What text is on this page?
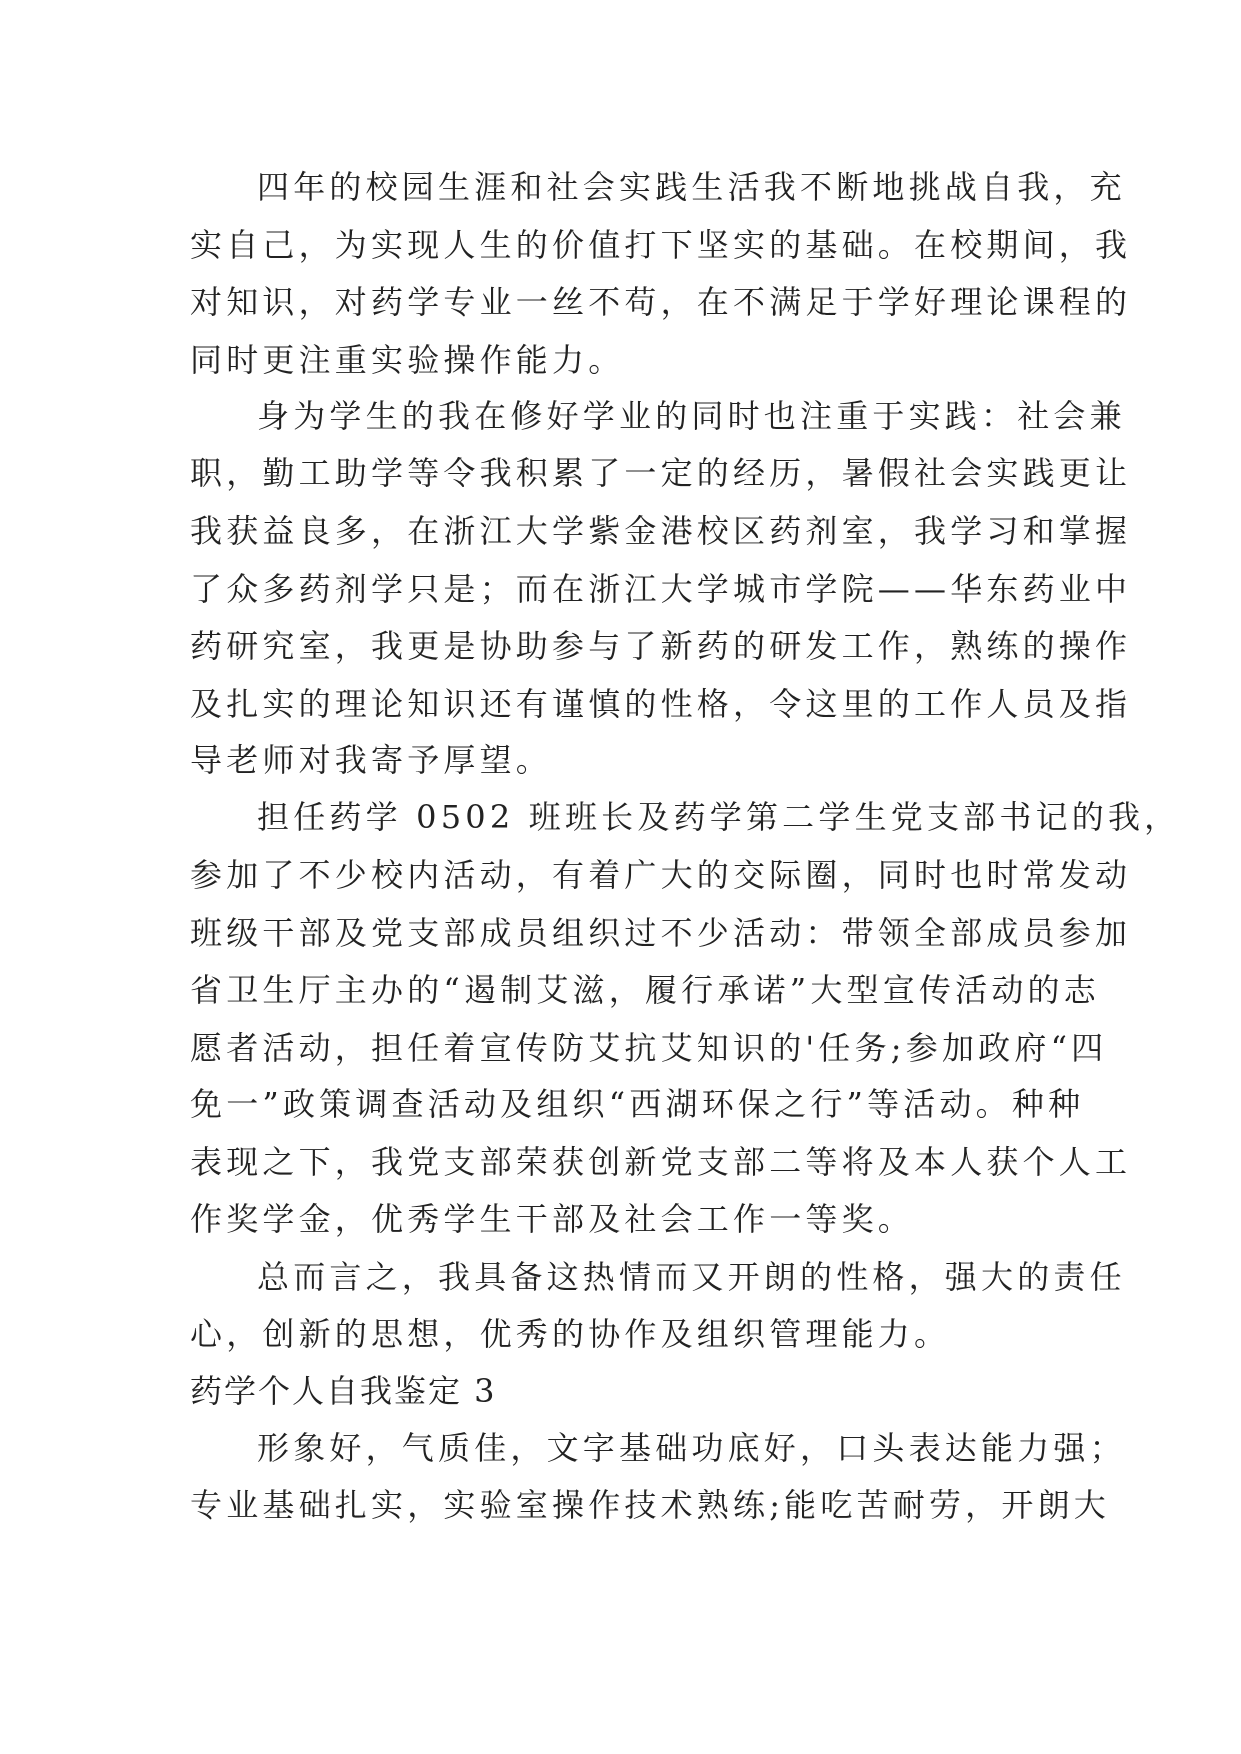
四年的校园生涯和社会实践生活我不断地挑战自我，充
实自己，为实现人生的价值打下坚实的基础。在校期间，我
对知识，对药学专业一丝不苟，在不满足于学好理论课程的
同时更注重实验操作能力。
身为学生的我在修好学业的同时也注重于实践：社会兼
职，勤工助学等令我积累了一定的经历，暑假社会实践更让
我获益良多，在浙江大学紫金港校区药剂室，我学习和掌握
了众多药剂学只是；而在浙江大学城市学院——华东药业中
药研究室，我更是协助参与了新药的研发工作，熟练的操作
及扎实的理论知识还有谨慎的性格，令这里的工作人员及指
导老师对我寄予厚望。
担任药学 0502 班班长及药学第二学生党支部书记的我，
参加了不少校内活动，有着广大的交际圈，同时也时常发动
班级干部及党支部成员组织过不少活动：带领全部成员参加
省卫生厅主办的“遏制艾滋，履行承诺”大型宣传活动的志
愿者活动，担任着宣传防艾抗艾知识的'任务;参加政府“四
免一”政策调查活动及组织“西湖环保之行”等活动。种种
表现之下，我党支部荣获创新党支部二等将及本人获个人工
作奖学金，优秀学生干部及社会工作一等奖。
总而言之，我具备这热情而又开朗的性格，强大的责任
心，创新的思想，优秀的协作及组织管理能力。
药学个人自我鉴定 3
形象好，气质佳，文字基础功底好，口头表达能力强；
专业基础扎实，实验室操作技术熟练;能吃苦耐劳，开朗大
